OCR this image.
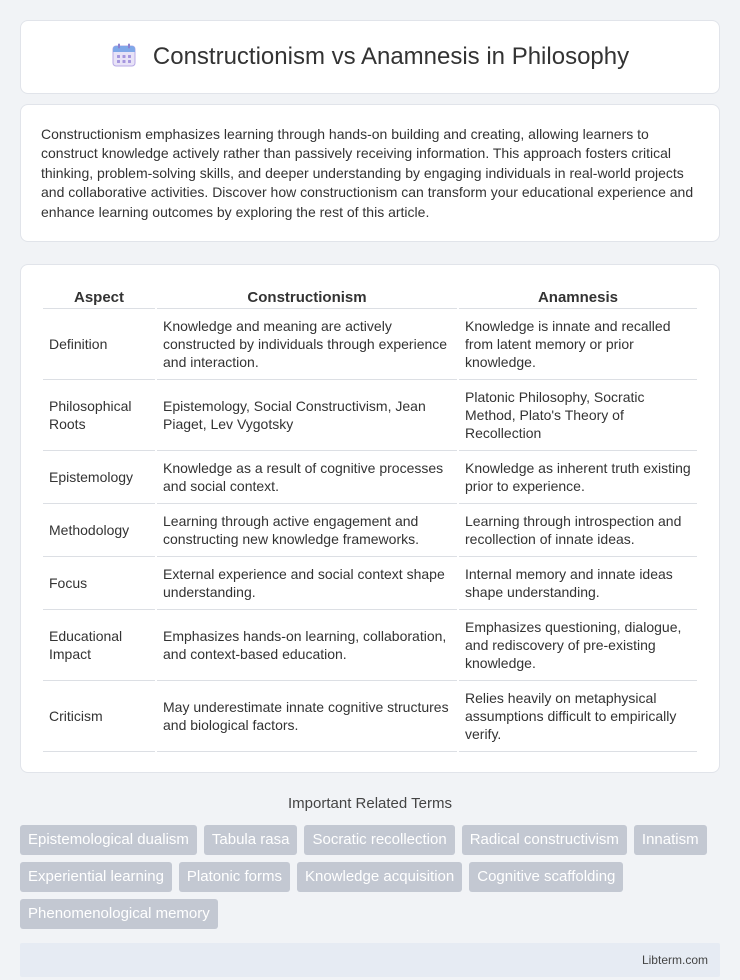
Constructionism vs Anamnesis in Philosophy

Constructionism emphasizes learning through hands-on building and creating, allowing learners to construct knowledge actively rather than passively receiving information. This approach fosters critical thinking, problem-solving skills, and deeper understanding by engaging individuals in real-world projects and collaborative activities. Discover how constructionism can transform your educational experience and enhance learning outcomes by exploring the rest of this article.

Aspect	Constructionism	Anamnesis
Definition	Knowledge and meaning are actively constructed by individuals through experience and interaction.	Knowledge is innate and recalled from latent memory or prior knowledge.
Philosophical Roots	Epistemology, Social Constructivism, Jean Piaget, Lev Vygotsky	Platonic Philosophy, Socratic Method, Plato's Theory of Recollection
Epistemology	Knowledge as a result of cognitive processes and social context.	Knowledge as inherent truth existing prior to experience.
Methodology	Learning through active engagement and constructing new knowledge frameworks.	Learning through introspection and recollection of innate ideas.
Focus	External experience and social context shape understanding.	Internal memory and innate ideas shape understanding.
Educational Impact	Emphasizes hands-on learning, collaboration, and context-based education.	Emphasizes questioning, dialogue, and rediscovery of pre-existing knowledge.
Criticism	May underestimate innate cognitive structures and biological factors.	Relies heavily on metaphysical assumptions difficult to empirically verify.
Important Related Terms
Epistemological dualism	Tabula rasa	Socratic recollection	Radical constructivism	Innatism
Experiential learning	Platonic forms	Knowledge acquisition	Cognitive scaffolding
Phenomenological memory
Libterm.com
